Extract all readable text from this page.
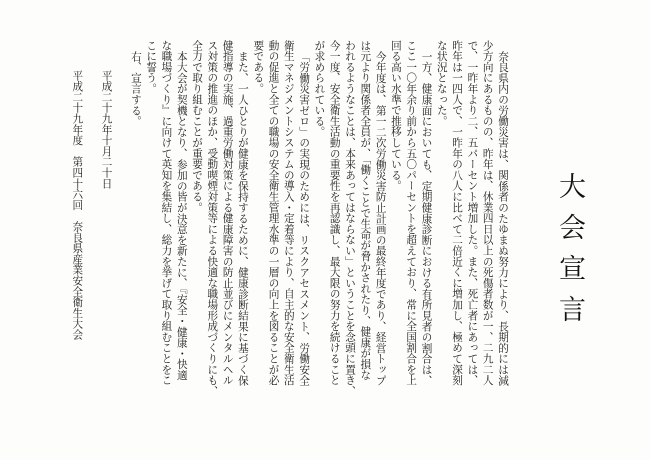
大会宣言
奈良県内の労働災害は、関係者のたゆまぬ努力により、長期的には減
少方向にあるものの、昨年は、休業四日以上の死傷者数が一、二九二人
で、一昨年より二、五パーセント増加した。また、死亡者にあっては、
昨年は一四人で、一昨年の八人に比べて二倍近くに増加し、極めて深刻
な状況となった。
一方、健康面においても、定期健康診断における有所見者の割合は、
ここ一〇年余り前から五〇パーセントを超えており、常に全国割合を上
回る高い水準で推移している。
今年度は、第一二次労働災害防止計画の最終年度であり、経営トップ
は元より関係者全員が、「働くことで生命が脅かされたり、健康が損な
われるようなことは、本来あってはならない」ということを念頭に置き、
今一度、安全衛生活動の重要性を再認識し、最大限の努力を続けること
が求められている。
「労働災害ゼロ」の実現のためには、リスクアセスメント、労働安全
衛生マネジメントシステムの導入・定着等により、自主的な安全衛生活
動の促進と全ての職場の安全衛生管理水準の一層の向上を図ることが必
要である。
また、一人ひとりが健康を保持するために、健康診断結果に基づく保
健指導の実施、過重労働対策による健康障害の防止並びにメンタルヘル
ス対策の推進のほか、受動喫煙対策等による快適な職場形成づくりにも、
全力で取り組むことが重要である。
本大会が契機となり、参加の皆が決意を新たに、『安全・健康・快適
な職場づくり』に向けて英知を集結し、総力を挙げて取り組むことをこ
こに誓う。
右、宣言する。
平成二十九年十月二十日
平成二十九年度　第四十六回　奈良県産業安全衛生大会
